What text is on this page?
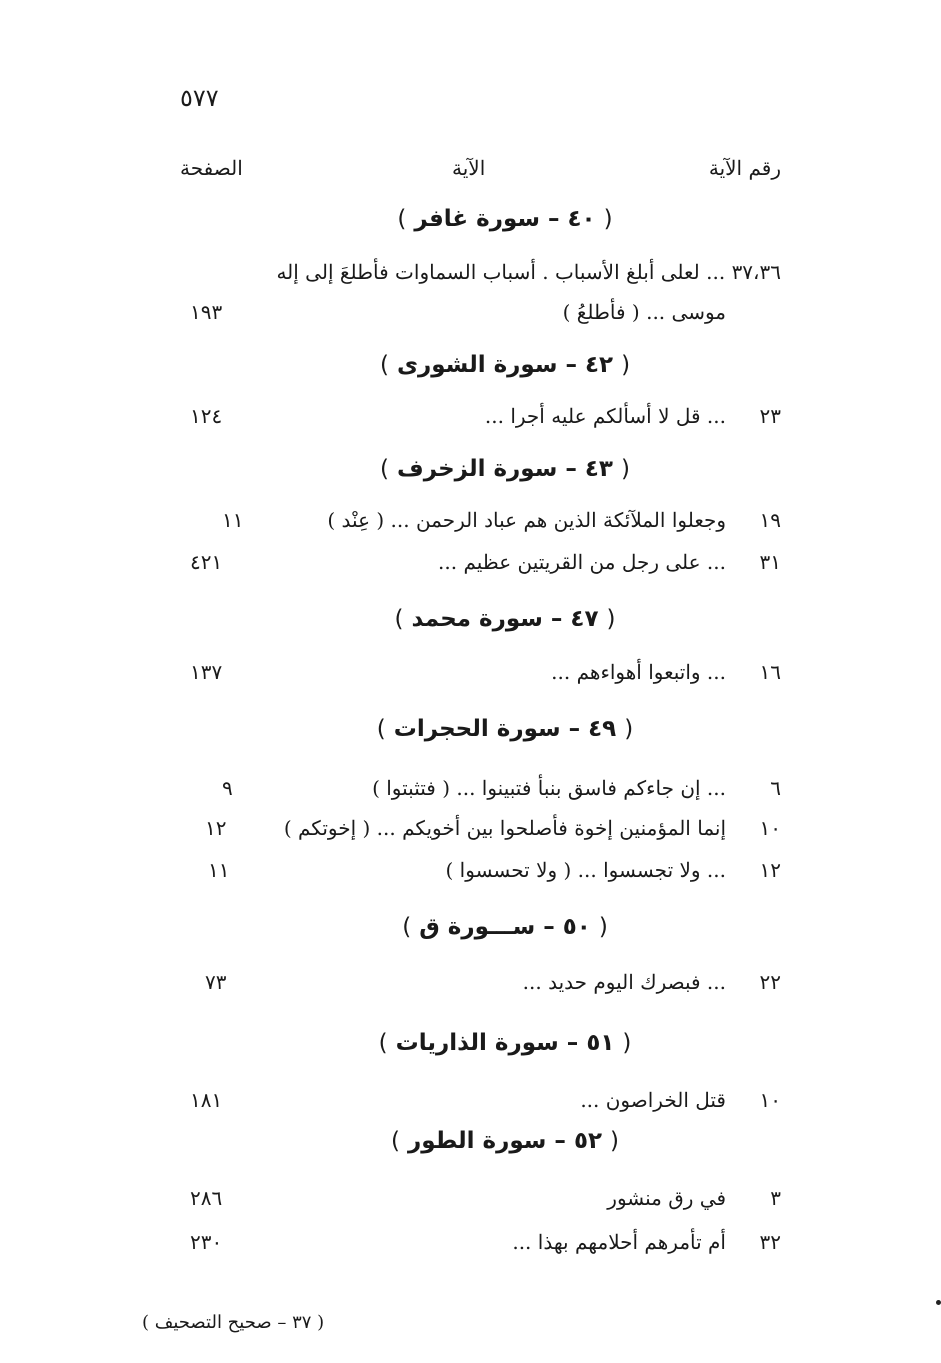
٥٧٧
رقم الآية
الآية
الصفحة
( ٤٠ – سورة غافر )
٣٧،٣٦ ... لعلى أبلغ الأسباب . أسباب السماوات فأطلعَ إلى إله
موسى ... ( فأطلعُ )
١٩٣
( ٤٢ – سورة الشورى )
٢٣
... قل لا أسألكم عليه أجرا ...
١٢٤
( ٤٣ – سورة الزخرف )
١٩
وجعلوا الملآئكة الذين هم عباد الرحمن ... ( عِنْد )
١١
٣١
... على رجل من القريتين عظيم ...
٤٢١
( ٤٧ – سورة محمد )
١٦
... واتبعوا أهواءهم ...
١٣٧
( ٤٩ – سورة الحجرات )
٦
... إن جاءكم فاسق بنبأ فتبينوا ... ( فتثبتوا )
٩
١٠
إنما المؤمنين إخوة فأصلحوا بين أخويكم ... ( إخوتكم )
١٢
١٢
... ولا تجسسوا ... ( ولا تحسسوا )
١١
( ٥٠ – ســـورة ق )
٢٢
... فبصرك اليوم حديد ...
٧٣
( ٥١ – سورة الذاريات )
١٠
قتل الخراصون ...
١٨١
( ٥٢ – سورة الطور )
٣
في رق منشور
٢٨٦
٣٢
أم تأمرهم أحلامهم بهذا ...
٢٣٠
( ٣٧ – صحيح التصحيف )
